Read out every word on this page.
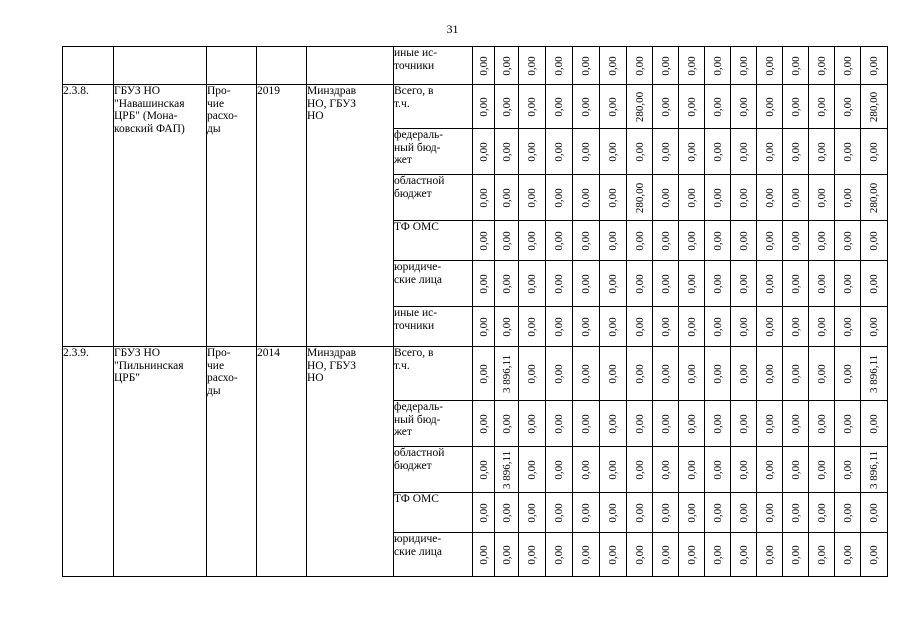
31
					иные ис-
точники	0,00	0,00	0,00	0,00	0,00	0,00	0,00	0,00	0,00	0,00	0,00	0,00	0,00	0,00	0,00	0,00

2.3.8.	ГБУЗ НО
"Навашинская
ЦРБ" (Мона-
ковский ФАП)	Про-
чие
расхо-
ды	2019	Минздрав
НО, ГБУЗ
НО	Всего, в
т.ч.	0,00	0,00	0,00	0,00	0,00	0,00	280,00	0,00	0,00	0,00	0,00	0,00	0,00	0,00	0,00	280,00

					федераль-
ный бюд-
жет	0,00	0,00	0,00	0,00	0,00	0,00	0,00	0,00	0,00	0,00	0,00	0,00	0,00	0,00	0,00	0,00

					областной
бюджет	0,00	0,00	0,00	0,00	0,00	0,00	280,00	0,00	0,00	0,00	0,00	0,00	0,00	0,00	0,00	280,00

					ТФ ОМС	0,00	0,00	0,00	0,00	0,00	0,00	0,00	0,00	0,00	0,00	0,00	0,00	0,00	0,00	0,00	0,00

					юридиче-
ские лица	0,00	0,00	0,00	0,00	0,00	0,00	0,00	0,00	0,00	0,00	0,00	0,00	0,00	0,00	0,00	0,00

					иные ис-
точники	0,00	0,00	0,00	0,00	0,00	0,00	0,00	0,00	0,00	0,00	0,00	0,00	0,00	0,00	0,00	0,00

2.3.9.	ГБУЗ НО
"Пильнинская
ЦРБ"	Про-
чие
расхо-
ды	2014	Минздрав
НО, ГБУЗ
НО	Всего, в
т.ч.	0,00	3 896,11	0,00	0,00	0,00	0,00	0,00	0,00	0,00	0,00	0,00	0,00	0,00	0,00	0,00	3 896,11

					федераль-
ный бюд-
жет	0,00	0,00	0,00	0,00	0,00	0,00	0,00	0,00	0,00	0,00	0,00	0,00	0,00	0,00	0,00	0,00

					областной
бюджет	0,00	3 896,11	0,00	0,00	0,00	0,00	0,00	0,00	0,00	0,00	0,00	0,00	0,00	0,00	0,00	3 896,11

					ТФ ОМС	0,00	0,00	0,00	0,00	0,00	0,00	0,00	0,00	0,00	0,00	0,00	0,00	0,00	0,00	0,00	0,00

					юридиче-
ские лица	0,00	0,00	0,00	0,00	0,00	0,00	0,00	0,00	0,00	0,00	0,00	0,00	0,00	0,00	0,00	0,00
